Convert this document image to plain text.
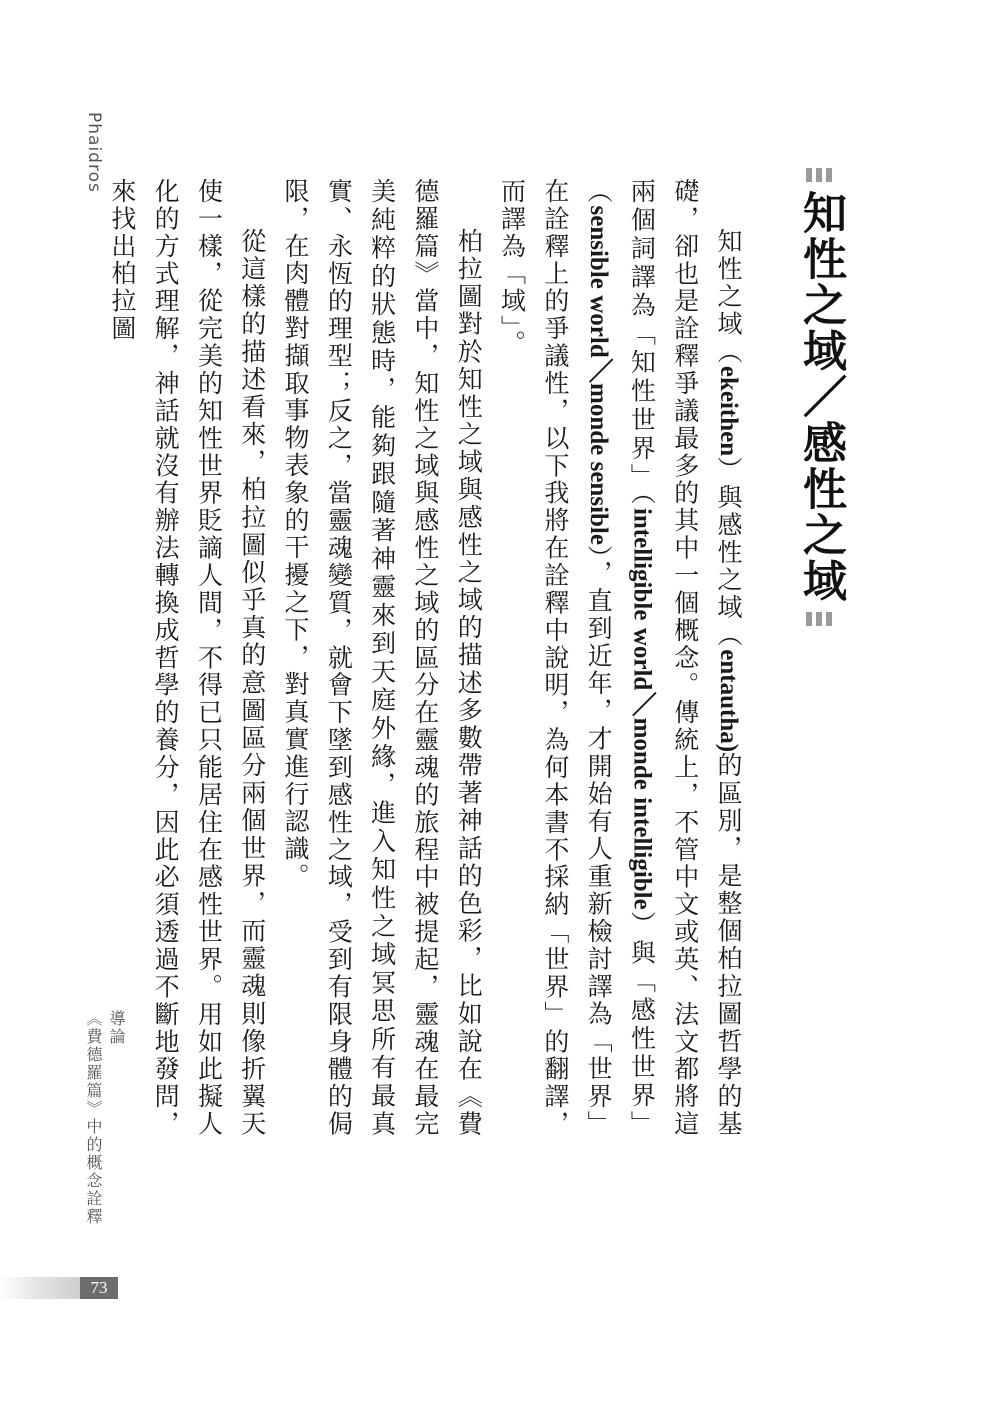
Phaidros
知性之域／感性之域

知性之域（ekeithen）與感性之域（entautha)的區別，是整個柏拉圖哲學的基礎，卻也是詮釋爭議最多的其中一個概念。傳統上，不管中文或英、法文都將這兩個詞譯為「知性世界」（intelligible world／monde intelligible）與「感性世界」（sensible world／monde sensible），直到近年，才開始有人重新檢討譯為「世界」在詮釋上的爭議性，以下我將在詮釋中說明，為何本書不採納「世界」的翻譯，而譯為「域」。

柏拉圖對於知性之域與感性之域的描述多數帶著神話的色彩，比如說在《費德羅篇》當中，知性之域與感性之域的區分在靈魂的旅程中被提起，靈魂在最完美純粹的狀態時，能夠跟隨著神靈來到天庭外緣，進入知性之域冥思所有最真實、永恆的理型；反之，當靈魂變質，就會下墜到感性之域，受到有限身體的侷限，在肉體對擷取事物表象的干擾之下，對真實進行認識。

從這樣的描述看來，柏拉圖似乎真的意圖區分兩個世界，而靈魂則像折翼天使一樣，從完美的知性世界貶謫人間，不得已只能居住在感性世界。用如此擬人化的方式理解，神話就沒有辦法轉換成哲學的養分，因此必須透過不斷地發問，來找出柏拉圖

導論
《費德羅篇》中的概念詮釋
73
